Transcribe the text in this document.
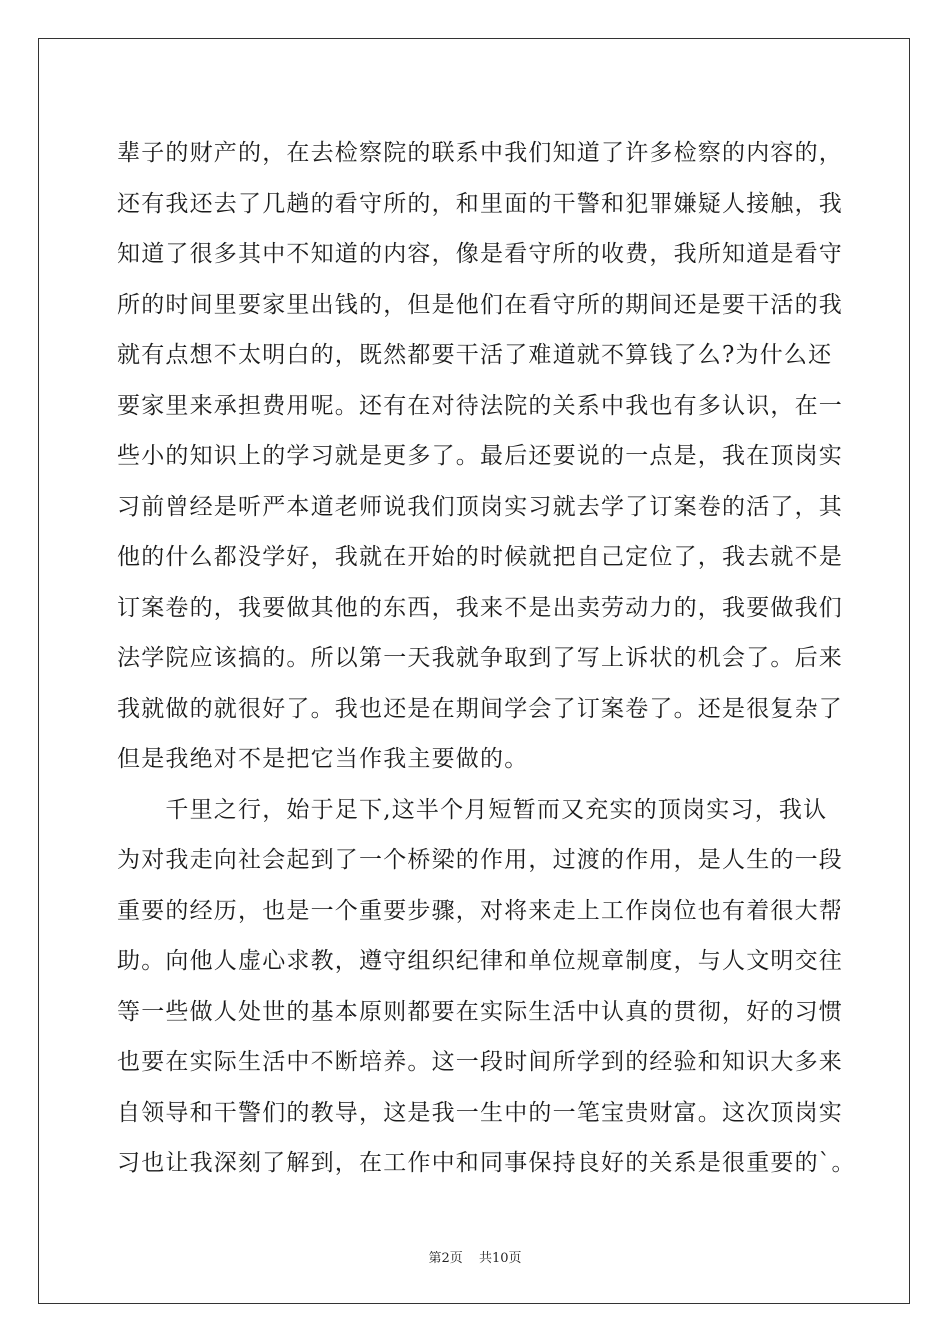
辈子的财产的，在去检察院的联系中我们知道了许多检察的内容的，
还有我还去了几趟的看守所的，和里面的干警和犯罪嫌疑人接触，我
知道了很多其中不知道的内容，像是看守所的收费，我所知道是看守
所的时间里要家里出钱的，但是他们在看守所的期间还是要干活的我
就有点想不太明白的，既然都要干活了难道就不算钱了么?为什么还
要家里来承担费用呢。还有在对待法院的关系中我也有多认识，在一
些小的知识上的学习就是更多了。最后还要说的一点是，我在顶岗实
习前曾经是听严本道老师说我们顶岗实习就去学了订案卷的活了，其
他的什么都没学好，我就在开始的时候就把自己定位了，我去就不是
订案卷的，我要做其他的东西，我来不是出卖劳动力的，我要做我们
法学院应该搞的。所以第一天我就争取到了写上诉状的机会了。后来
我就做的就很好了。我也还是在期间学会了订案卷了。还是很复杂了
但是我绝对不是把它当作我主要做的。
　　千里之行，始于足下,这半个月短暂而又充实的顶岗实习，我认
为对我走向社会起到了一个桥梁的作用，过渡的作用，是人生的一段
重要的经历，也是一个重要步骤，对将来走上工作岗位也有着很大帮
助。向他人虚心求教，遵守组织纪律和单位规章制度，与人文明交往
等一些做人处世的基本原则都要在实际生活中认真的贯彻，好的习惯
也要在实际生活中不断培养。这一段时间所学到的经验和知识大多来
自领导和干警们的教导，这是我一生中的一笔宝贵财富。这次顶岗实
习也让我深刻了解到，在工作中和同事保持良好的关系是很重要的`。
第2页 共10页
